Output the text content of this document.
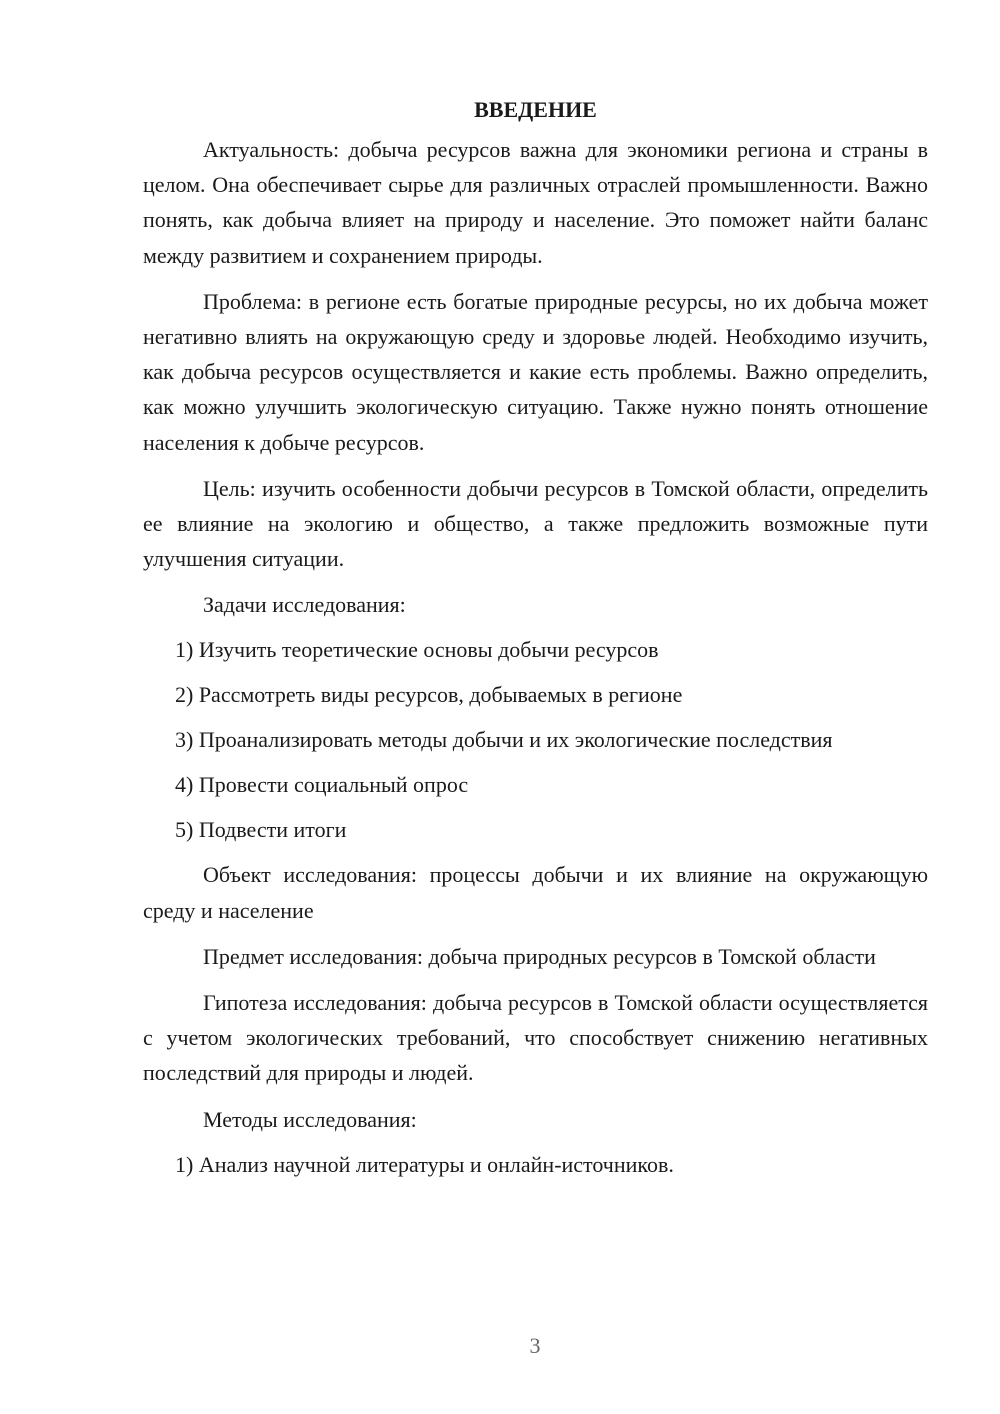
ВВЕДЕНИЕ

Актуальность: добыча ресурсов важна для экономики региона и страны в целом. Она обеспечивает сырье для различных отраслей промышленности. Важно понять, как добыча влияет на природу и население. Это поможет найти баланс между развитием и сохранением природы.

Проблема: в регионе есть богатые природные ресурсы, но их добыча может негативно влиять на окружающую среду и здоровье людей. Необходимо изучить, как добыча ресурсов осуществляется и какие есть проблемы. Важно определить, как можно улучшить экологическую ситуацию. Также нужно понять отношение населения к добыче ресурсов.

Цель: изучить особенности добычи ресурсов в Томской области, определить ее влияние на экологию и общество, а также предложить возможные пути улучшения ситуации.

Задачи исследования:

1) Изучить теоретические основы добычи ресурсов
2) Рассмотреть виды ресурсов, добываемых в регионе
3) Проанализировать методы добычи и их экологические последствия
4) Провести социальный опрос
5) Подвести итоги

Объект исследования: процессы добычи и их влияние на окружающую среду и население

Предмет исследования: добыча природных ресурсов в Томской области

Гипотеза исследования: добыча ресурсов в Томской области осуществляется с учетом экологических требований, что способствует снижению негативных последствий для природы и людей.

Методы исследования:

1) Анализ научной литературы и онлайн-источников.
3
